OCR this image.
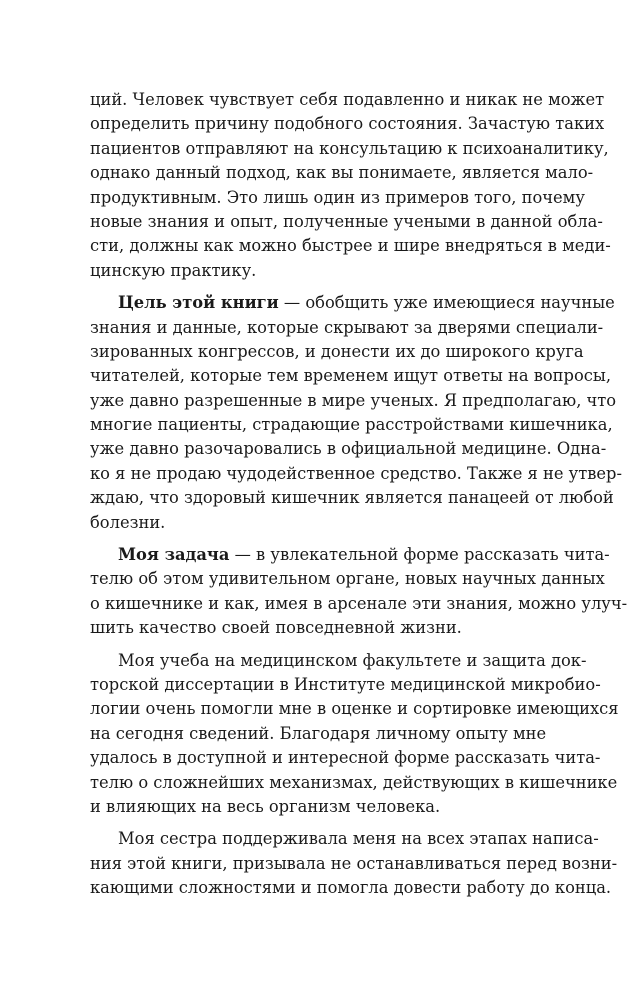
ций. Человек чувствует себя подавленно и никак не может
определить причину подобного состояния. Зачастую таких
пациентов отправляют на консультацию к психоаналитику,
однако данный подход, как вы понимаете, является мало-
продуктивным. Это лишь один из примеров того, почему
новые знания и опыт, полученные учеными в данной обла-
сти, должны как можно быстрее и шире внедряться в меди-
цинскую практику.
Цель этой книги — обобщить уже имеющиеся научные
знания и данные, которые скрывают за дверями специали-
зированных конгрессов, и донести их до широкого круга
читателей, которые тем временем ищут ответы на вопросы,
уже давно разрешенные в мире ученых. Я предполагаю, что
многие пациенты, страдающие расстройствами кишечника,
уже давно разочаровались в официальной медицине. Одна-
ко я не продаю чудодейственное средство. Также я не утвер-
ждаю, что здоровый кишечник является панацеей от любой
болезни.
Моя задача — в увлекательной форме рассказать чита-
телю об этом удивительном органе, новых научных данных
о кишечнике и как, имея в арсенале эти знания, можно улуч-
шить качество своей повседневной жизни.
Моя учеба на медицинском факультете и защита док-
торской диссертации в Институте медицинской микробио-
логии очень помогли мне в оценке и сортировке имеющихся
на сегодня сведений. Благодаря личному опыту мне
удалось в доступной и интересной форме рассказать чита-
телю о сложнейших механизмах, действующих в кишечнике
и влияющих на весь организм человека.
Моя сестра поддерживала меня на всех этапах написа-
ния этой книги, призывала не останавливаться перед возни-
кающими сложностями и помогла довести работу до конца.
